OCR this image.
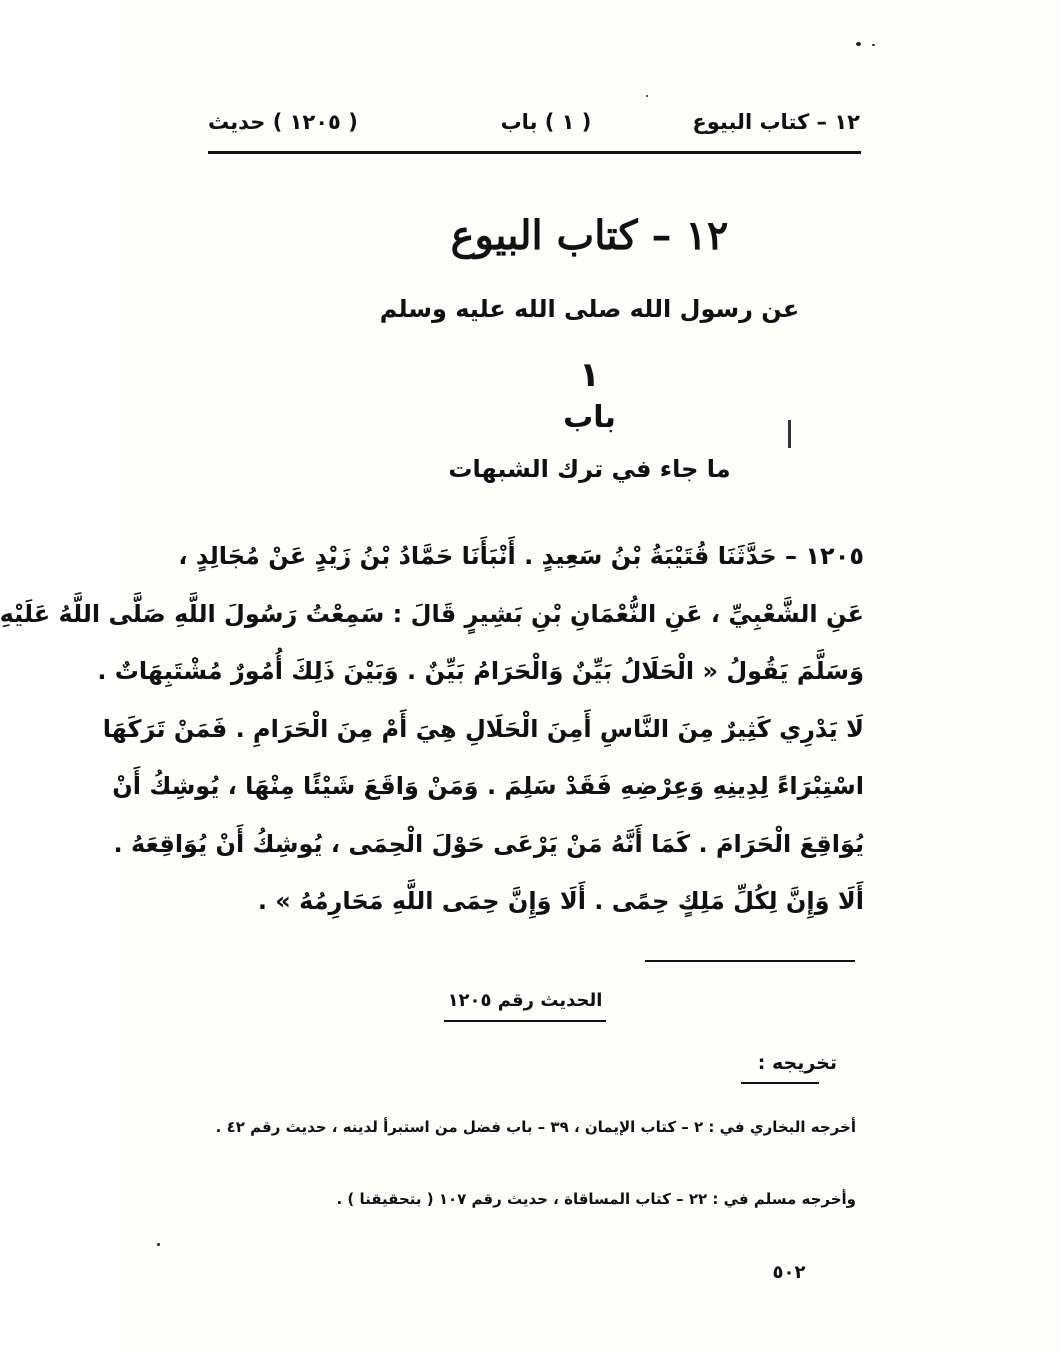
١٢ – كتاب البيوع
( ١ ) باب
( ١٢٠٥ ) حديث
١٢ – كتاب البيوع
عن رسول الله صلى الله عليه وسلم
١
باب
ما جاء في ترك الشبهات
١٢٠٥ – حَدَّثَنَا قُتَيْبَةُ بْنُ سَعِيدٍ . أَنْبَأَنَا حَمَّادُ بْنُ زَيْدٍ عَنْ مُجَالِدٍ ،
عَنِ الشَّعْبِيِّ ، عَنِ النُّعْمَانِ بْنِ بَشِيرٍ قَالَ : سَمِعْتُ رَسُولَ اللَّهِ صَلَّى اللَّهُ عَلَيْهِ
وَسَلَّمَ يَقُولُ « الْحَلَالُ بَيِّنٌ وَالْحَرَامُ بَيِّنٌ . وَبَيْنَ ذَلِكَ أُمُورٌ مُشْتَبِهَاتٌ .
لَا يَدْرِي كَثِيرٌ مِنَ النَّاسِ أَمِنَ الْحَلَالِ هِيَ أَمْ مِنَ الْحَرَامِ . فَمَنْ تَرَكَهَا
اسْتِبْرَاءً لِدِينِهِ وَعِرْضِهِ فَقَدْ سَلِمَ . وَمَنْ وَاقَعَ شَيْئًا مِنْهَا ، يُوشِكُ أَنْ
يُوَاقِعَ الْحَرَامَ . كَمَا أَنَّهُ مَنْ يَرْعَى حَوْلَ الْحِمَى ، يُوشِكُ أَنْ يُوَاقِعَهُ .
أَلَا وَإِنَّ لِكُلِّ مَلِكٍ حِمًى . أَلَا وَإِنَّ حِمَى اللَّهِ مَحَارِمُهُ » .
الحديث رقم ١٢٠٥
تخريجه :
أخرجه البخاري في : ٢ – كتاب الإيمان ، ٣٩ – باب فضل من استبرأ لدينه ، حديث رقم ٤٢ .
وأخرجه مسلم في : ٢٢ – كتاب المساقاة ، حديث رقم ١٠٧ ( بتحقيقنا ) .
٥٠٢
